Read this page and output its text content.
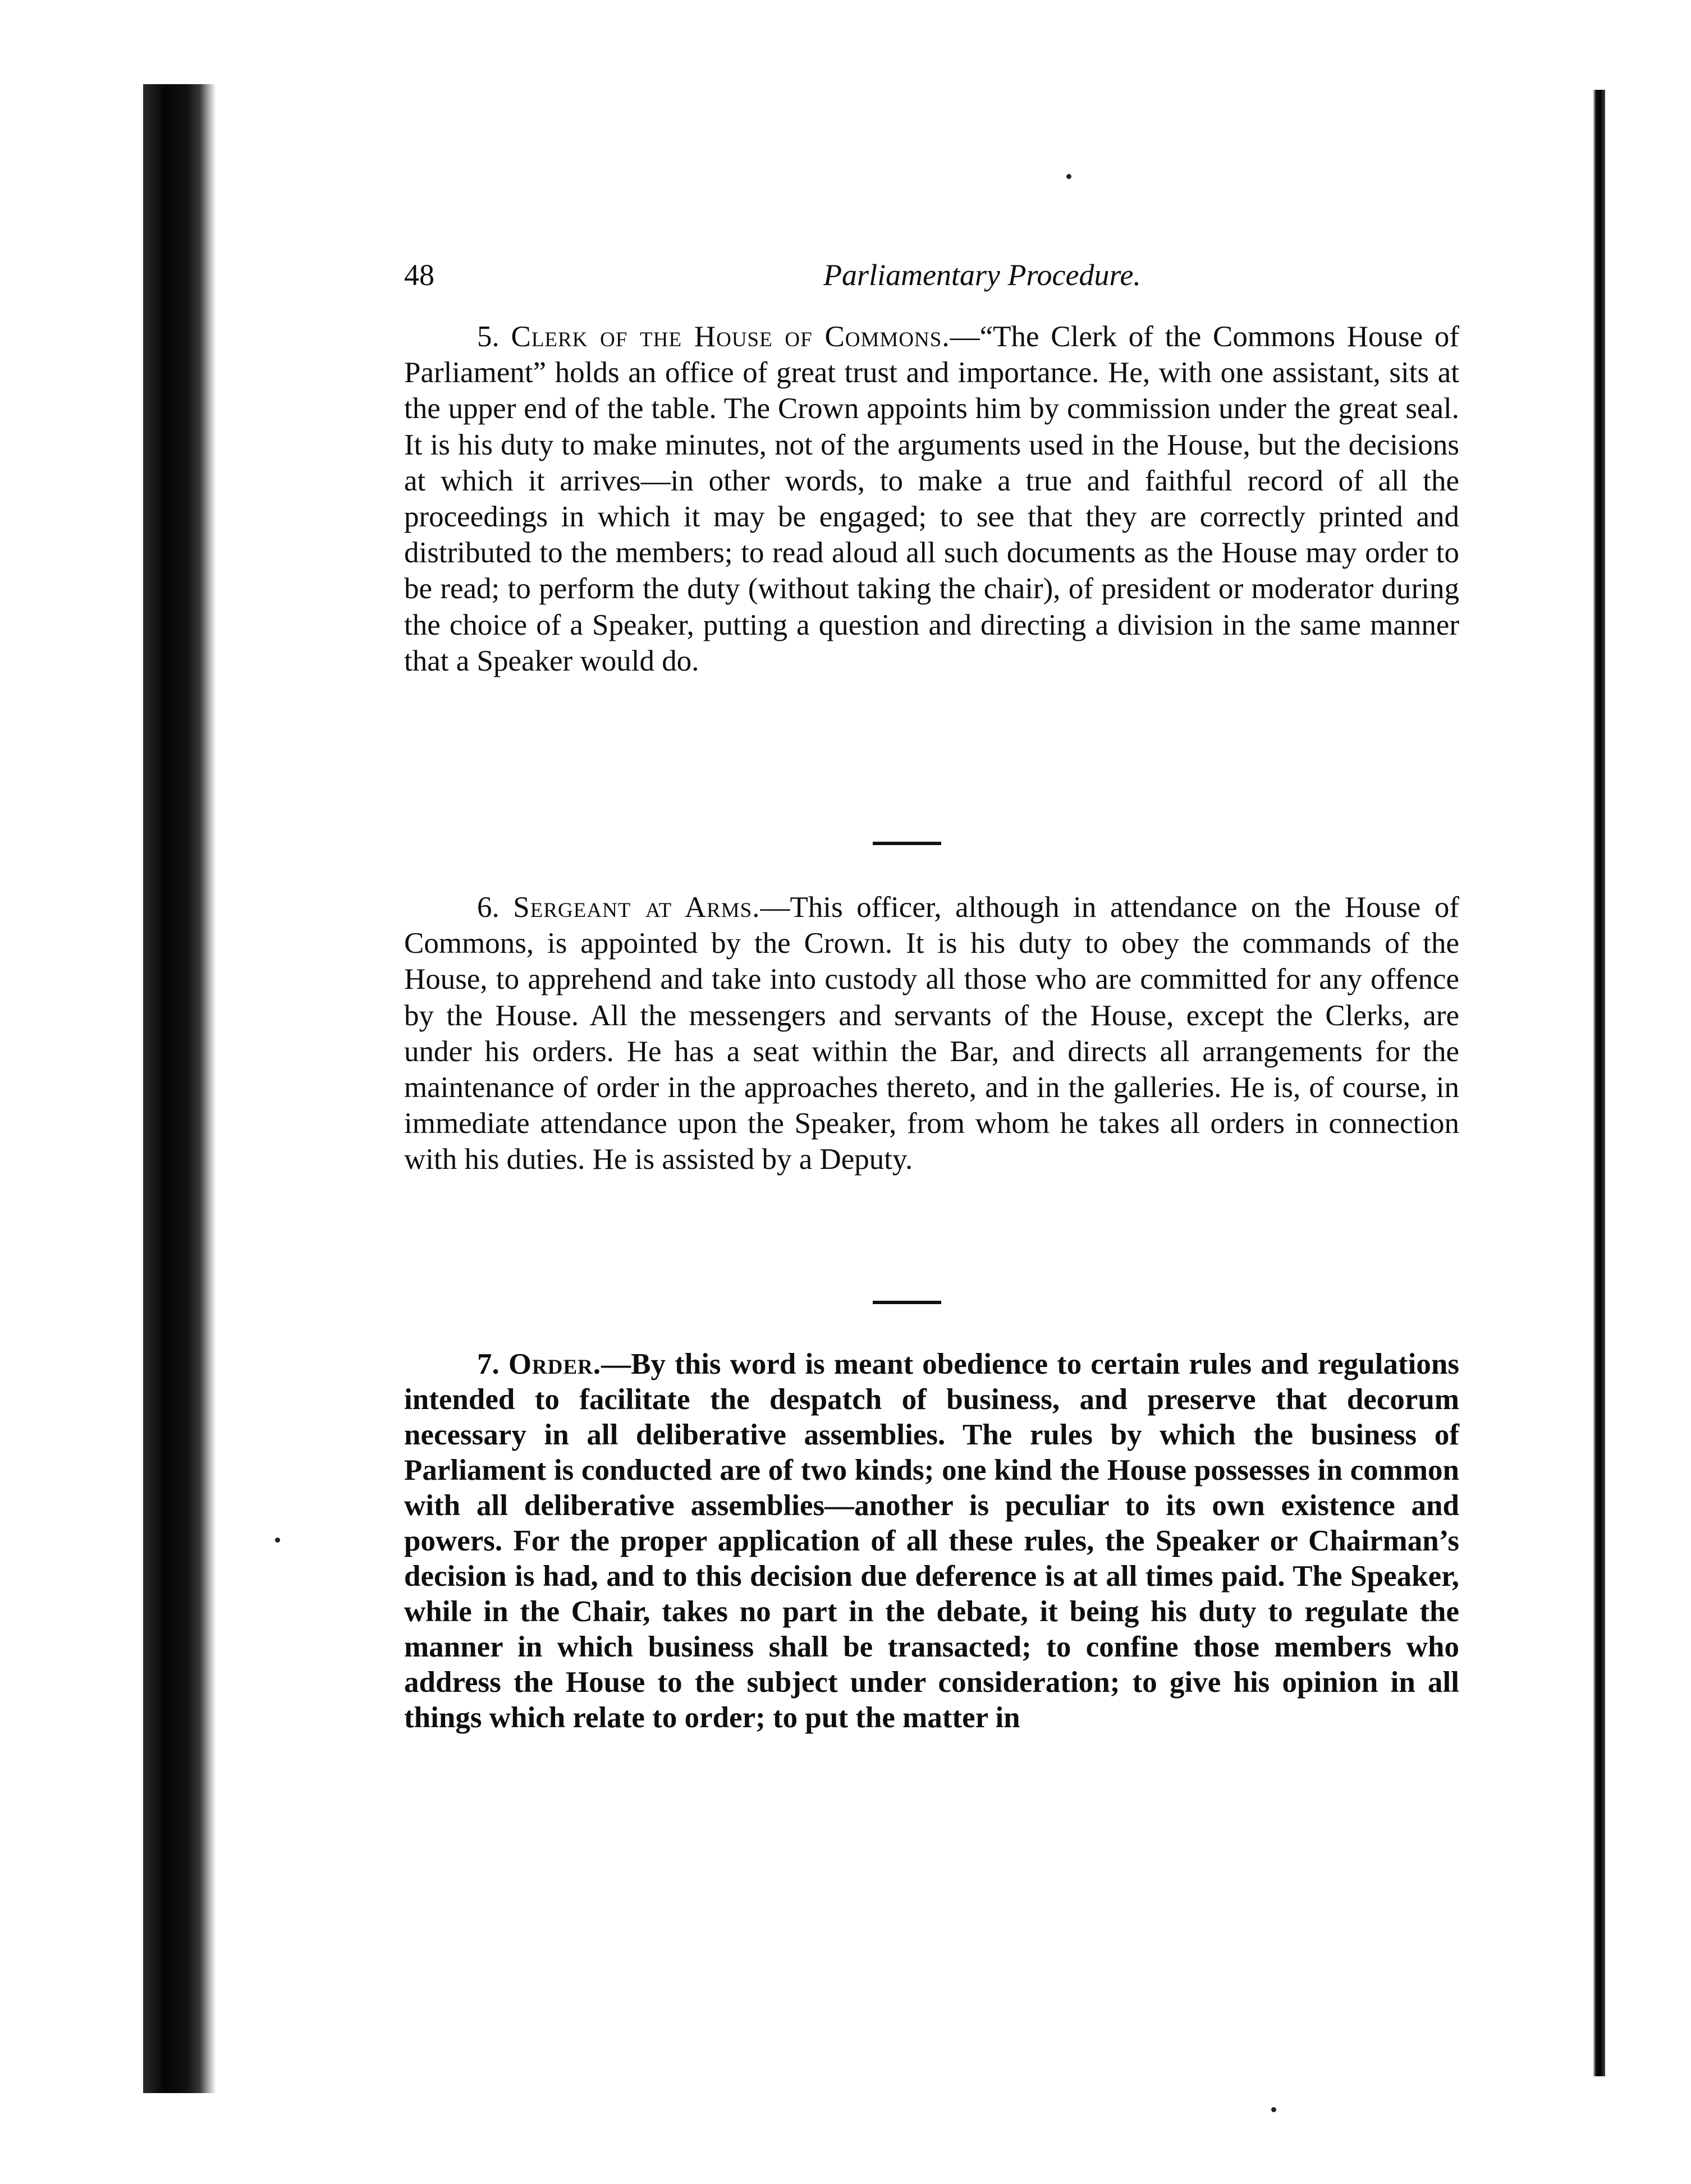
48	Parliamentary Procedure.

5. Clerk of the House of Commons.—“The Clerk of the Commons House of Parliament” holds an office of great trust and importance. He, with one assistant, sits at the upper end of the table. The Crown appoints him by commission under the great seal. It is his duty to make minutes, not of the arguments used in the House, but the decisions at which it arrives—in other words, to make a true and faithful record of all the proceedings in which it may be engaged; to see that they are correctly printed and distributed to the members; to read aloud all such documents as the House may order to be read; to perform the duty (without taking the chair), of president or moderator during the choice of a Speaker, putting a question and directing a division in the same manner that a Speaker would do.

6. Sergeant at Arms.—This officer, although in attendance on the House of Commons, is appointed by the Crown. It is his duty to obey the commands of the House, to apprehend and take into custody all those who are committed for any offence by the House. All the messengers and servants of the House, except the Clerks, are under his orders. He has a seat within the Bar, and directs all arrangements for the maintenance of order in the approaches thereto, and in the galleries. He is, of course, in immediate attendance upon the Speaker, from whom he takes all orders in connection with his duties. He is assisted by a Deputy.

7. Order.—By this word is meant obedience to certain rules and regulations intended to facilitate the despatch of business, and preserve that decorum necessary in all deliberative assemblies. The rules by which the business of Parliament is conducted are of two kinds; one kind the House possesses in common with all deliberative assemblies—another is peculiar to its own existence and powers. For the proper application of all these rules, the Speaker or Chairman’s decision is had, and to this decision due deference is at all times paid. The Speaker, while in the Chair, takes no part in the debate, it being his duty to regulate the manner in which business shall be transacted; to confine those members who address the House to the subject under consideration; to give his opinion in all things which relate to order; to put the matter in
